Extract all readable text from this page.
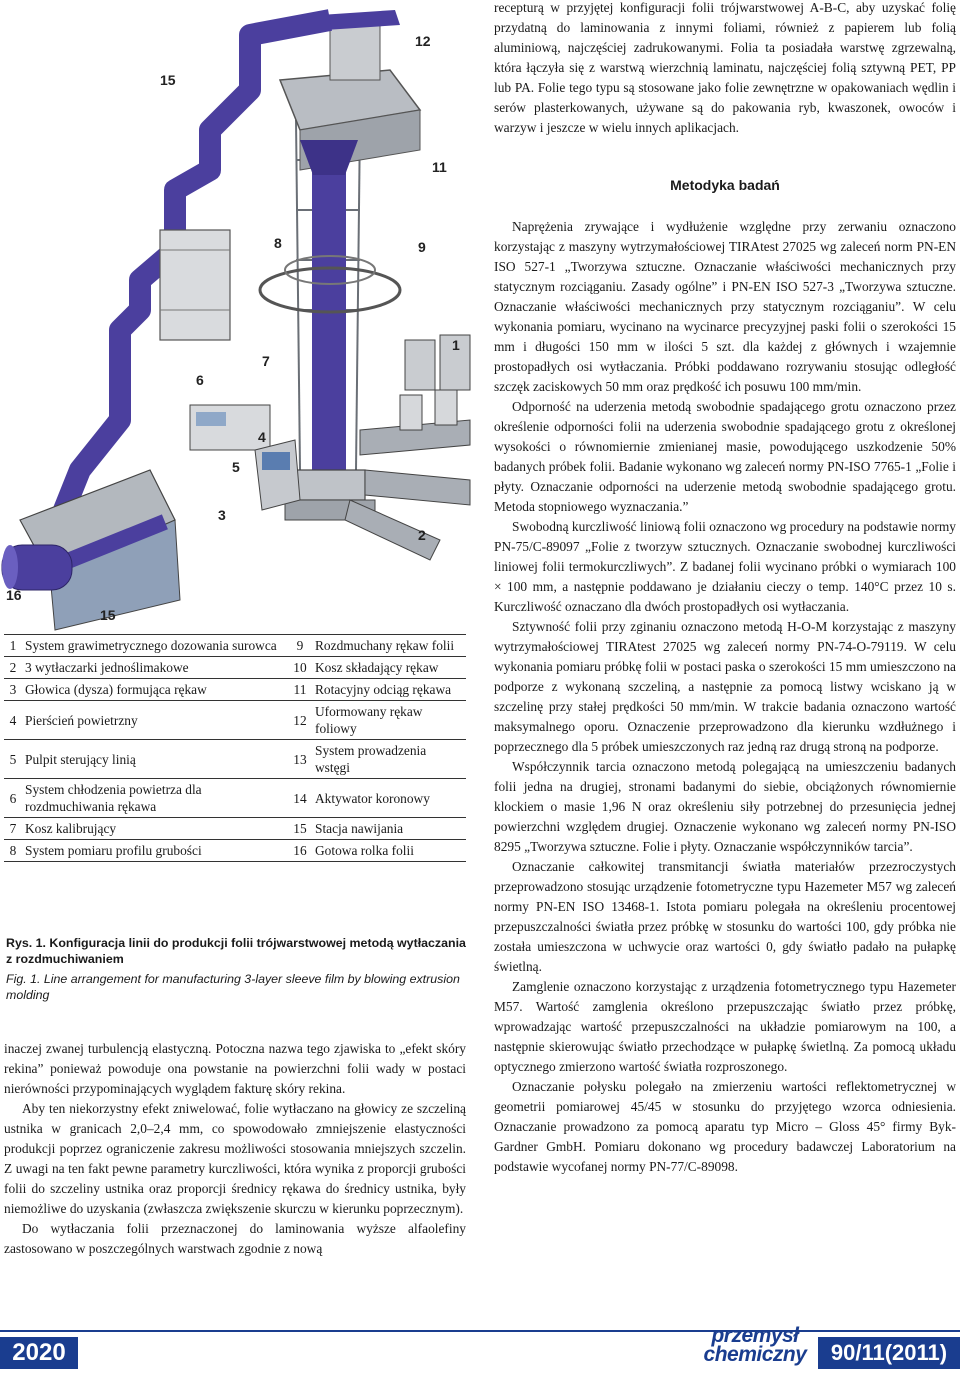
15
12
11
9
8
1
7
6
4
5
3
2
16
15
1	System grawimetrycznego dozowania surowca	9	Rozdmuchany rękaw folii
2	3 wytłaczarki jednoślimakowe	10	Kosz składający rękaw
3	Głowica (dysza) formująca rękaw	11	Rotacyjny odciąg rękawa
4	Pierścień powietrzny	12	Uformowany rękaw foliowy
5	Pulpit sterujący linią	13	System prowadzenia wstęgi
6	System chłodzenia powietrza dla rozdmuchiwania rękawa	14	Aktywator koronowy
7	Kosz kalibrujący	15	Stacja nawijania
8	System pomiaru profilu grubości	16	Gotowa rolka folii
Rys. 1. Konfiguracja linii do produkcji folii trójwarstwowej metodą wytłaczania z rozdmuchiwaniem
Fig. 1. Line arrangement for manufacturing 3-layer sleeve film by blowing extrusion molding

inaczej zwanej turbulencją elastyczną. Potoczna nazwa tego zjawiska to „efekt skóry rekina” ponieważ powoduje ona powstanie na powierzchni folii wady w postaci nierówności przypominających wyglądem fakturę skóry rekina.

Aby ten niekorzystny efekt zniwelować, folie wytłaczano na głowicy ze szczeliną ustnika w granicach 2,0–2,4 mm, co spowodowało zmniejszenie elastyczności produkcji poprzez ograniczenie zakresu możliwości stosowania mniejszych szczelin. Z uwagi na ten fakt pewne parametry kurczliwości, która wynika z proporcji grubości folii do szczeliny ustnika oraz proporcji średnicy rękawa do średnicy ustnika, były niemożliwe do uzyskania (zwłaszcza zwiększenie skurczu w kierunku poprzecznym).

Do wytłaczania folii przeznaczonej do laminowania wyższe alfaolefiny zastosowano w poszczególnych warstwach zgodnie z nową

recepturą w przyjętej konfiguracji folii trójwarstwowej A-B-C, aby uzyskać folię przydatną do laminowania z innymi foliami, również z papierem lub folią aluminiową, najczęściej zadrukowanymi. Folia ta posiadała warstwę zgrzewalną, która łączyła się z warstwą wierzchnią laminatu, najczęściej folią sztywną PET, PP lub PA. Folie tego typu są stosowane jako folie zewnętrzne w opakowaniach wędlin i serów plasterkowanych, używane są do pakowania ryb, kwaszonek, owoców i warzyw i jeszcze w wielu innych aplikacjach.

Metodyka badań

Naprężenia zrywające i wydłużenie względne przy zerwaniu oznaczono korzystając z maszyny wytrzymałościowej TIRAtest 27025 wg zaleceń norm PN-EN ISO 527-1 „Tworzywa sztuczne. Oznaczanie właściwości mechanicznych przy statycznym rozciąganiu. Zasady ogólne” i PN-EN ISO 527-3 „Tworzywa sztuczne. Oznaczanie właściwości mechanicznych przy statycznym rozciąganiu”. W celu wykonania pomiaru, wycinano na wycinarce precyzyjnej paski folii o szerokości 15 mm i długości 150 mm w ilości 5 szt. dla każdej z głównych i wzajemnie prostopadłych osi wytłaczania. Próbki poddawano rozrywaniu stosując odległość szczęk zaciskowych 50 mm oraz prędkość ich posuwu 100 mm/min.

Odporność na uderzenia metodą swobodnie spadającego grotu oznaczono przez określenie odporności folii na uderzenia swobodnie spadającego grotu z określonej wysokości o równomiernie zmienianej masie, powodującego uszkodzenie 50% badanych próbek folii. Badanie wykonano wg zaleceń normy PN-ISO 7765-1 „Folie i płyty. Oznaczanie odporności na uderzenie metodą swobodnie spadającego grotu. Metoda stopniowego wyznaczania.”

Swobodną kurczliwość liniową folii oznaczono wg procedury na podstawie normy PN-75/C-89097 „Folie z tworzyw sztucznych. Oznaczanie swobodnej kurczliwości liniowej folii termokurczliwych”. Z badanej folii wycinano próbki o wymiarach 100 × 100 mm, a następnie poddawano je działaniu cieczy o temp. 140°C przez 10 s. Kurczliwość oznaczano dla dwóch prostopadłych osi wytłaczania.

Sztywność folii przy zginaniu oznaczono metodą H-O-M korzystając z maszyny wytrzymałościowej TIRAtest 27025 wg zaleceń normy PN-74-O-79119. W celu wykonania pomiaru próbkę folii w postaci paska o szerokości 15 mm umieszczono na podporze z wykonaną szczeliną, a następnie za pomocą listwy wciskano ją w szczelinę przy stałej prędkości 50 mm/min. W trakcie badania oznaczono wartość maksymalnego oporu. Oznaczenie przeprowadzono dla kierunku wzdłużnego i poprzecznego dla 5 próbek umieszczonych raz jedną raz drugą stroną na podporze.

Współczynnik tarcia oznaczono metodą polegającą na umieszczeniu badanych folii jedna na drugiej, stronami badanymi do siebie, obciążonych równomiernie klockiem o masie 1,96 N oraz określeniu siły potrzebnej do przesunięcia jednej powierzchni względem drugiej. Oznaczenie wykonano wg zaleceń normy PN-ISO 8295 „Tworzywa sztuczne. Folie i płyty. Oznaczanie współczynników tarcia”.

Oznaczanie całkowitej transmitancji światła materiałów przezroczystych przeprowadzono stosując urządzenie fotometryczne typu Hazemeter M57 wg zaleceń normy PN-EN ISO 13468-1. Istota pomiaru polegała na określeniu procentowej przepuszczalności światła przez próbkę w stosunku do wartości 100, gdy próbka nie została umieszczona w uchwycie oraz wartości 0, gdy światło padało na pułapkę świetlną.

Zamglenie oznaczono korzystając z urządzenia fotometrycznego typu Hazemeter M57. Wartość zamglenia określono przepuszczając światło przez próbkę, wprowadzając wartość przepuszczalności na układzie pomiarowym na 100, a następnie skierowując światło przechodzące w pułapkę świetlną. Za pomocą układu optycznego zmierzono wartość światła rozproszonego.

Oznaczanie połysku polegało na zmierzeniu wartości reflektometrycznej w geometrii pomiarowej 45/45 w stosunku do przyjętego wzorca odniesienia. Oznaczanie prowadzono za pomocą aparatu typ Micro – Gloss 45° firmy Byk-Gardner GmbH. Pomiaru dokonano wg procedury badawczej Laboratorium na podstawie wycofanej normy PN-77/C-89098.

2020
przemysł
chemiczny	90/11(2011)
